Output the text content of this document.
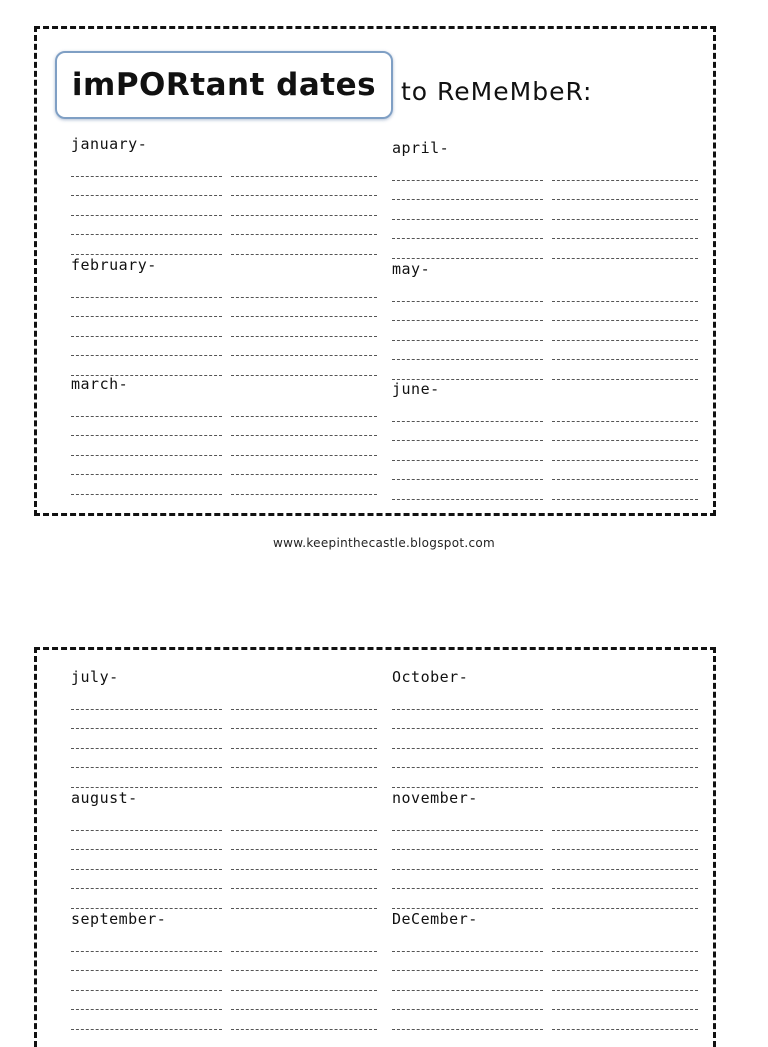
imPORtant dates to ReMeMbeR:
january-
february-
march-
april-
may-
june-
www.keepinthecastle.blogspot.com
july-
august-
september-
October-
november-
DeCember-
